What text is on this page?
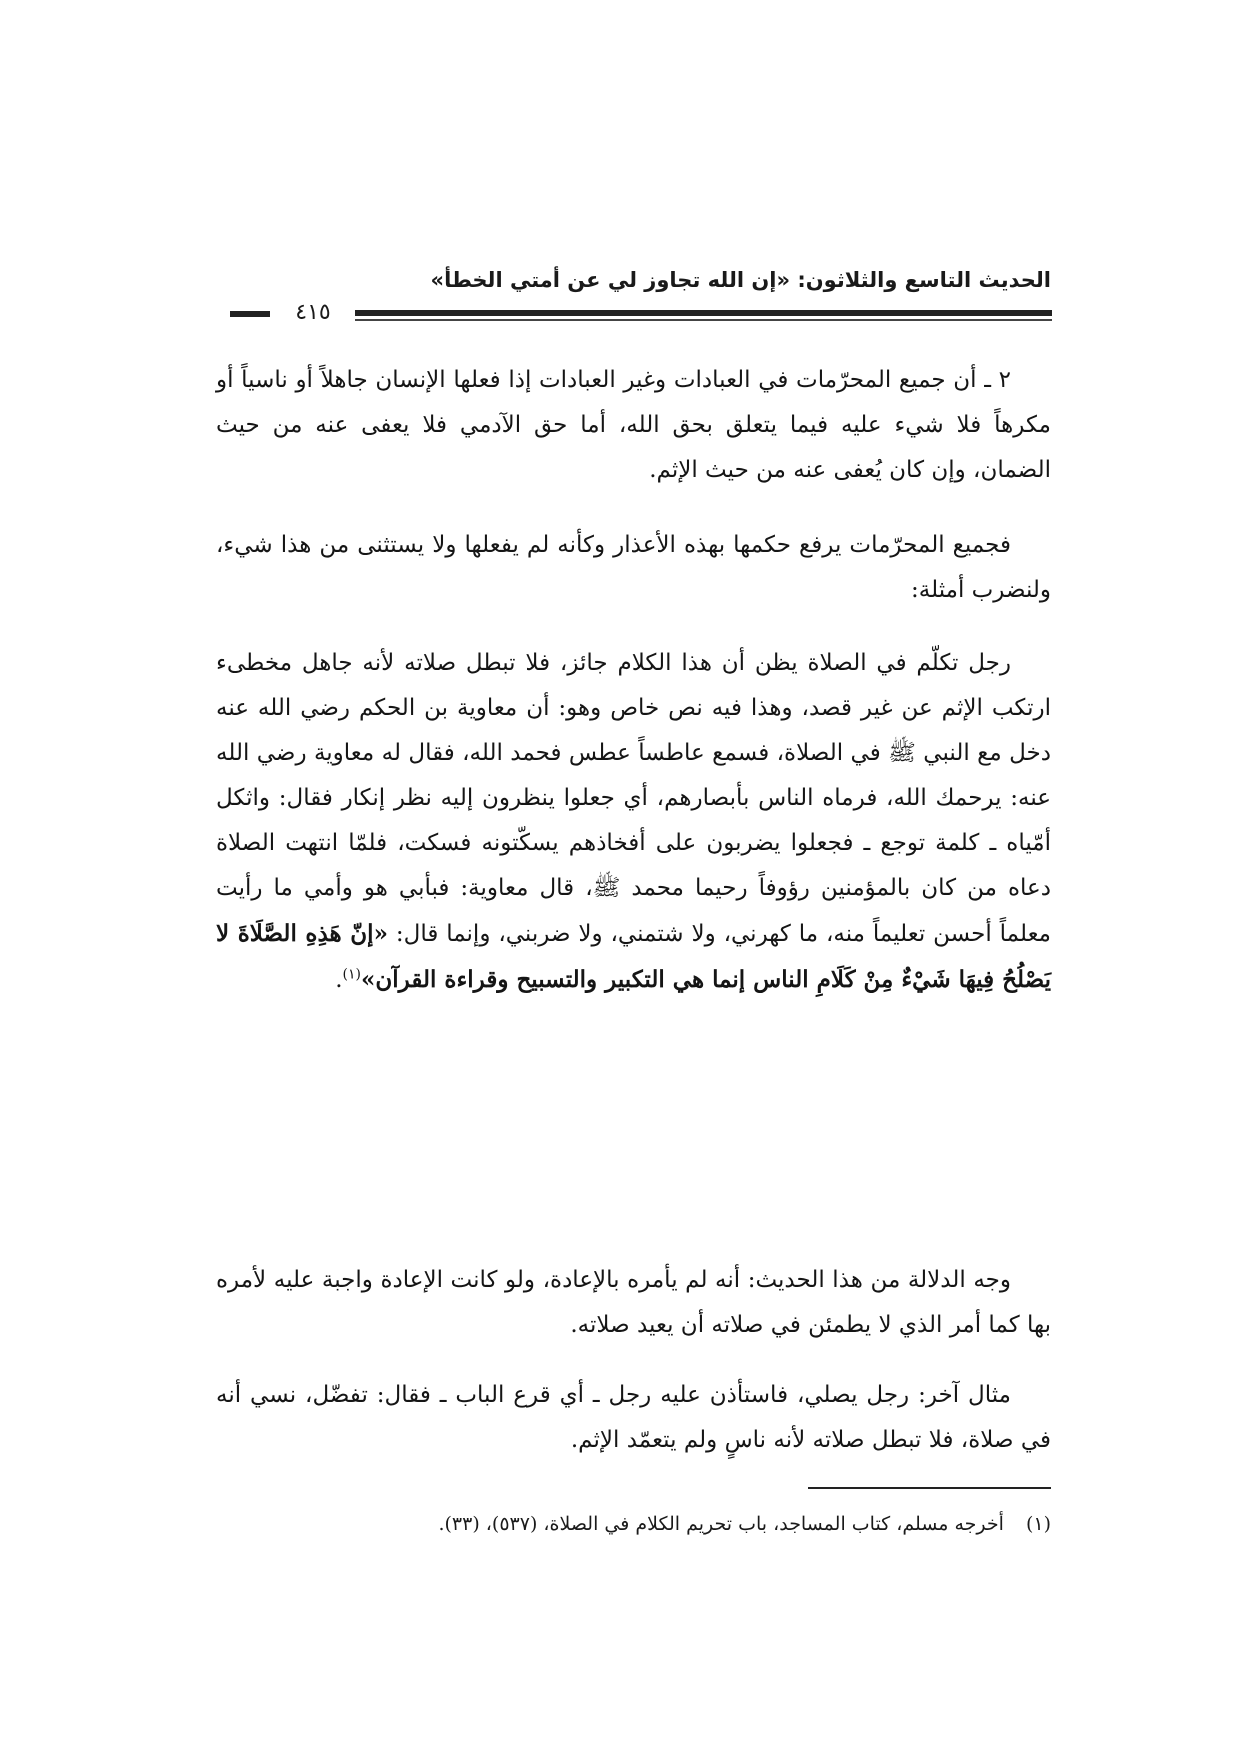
الحديث التاسع والثلاثون: «إن الله تجاوز لي عن أمتي الخطأ»
٤١٥

٢ ـ أن جميع المحرّمات في العبادات وغير العبادات إذا فعلها الإنسان جاهلاً أو ناسياً أو مكرهاً فلا شيء عليه فيما يتعلق بحق الله، أما حق الآدمي فلا يعفى عنه من حيث الضمان، وإن كان يُعفى عنه من حيث الإثم.

فجميع المحرّمات يرفع حكمها بهذه الأعذار وكأنه لم يفعلها ولا يستثنى من هذا شيء، ولنضرب أمثلة:

رجل تكلّم في الصلاة يظن أن هذا الكلام جائز، فلا تبطل صلاته لأنه جاهل مخطىء ارتكب الإثم عن غير قصد، وهذا فيه نص خاص وهو: أن معاوية بن الحكم رضي الله عنه دخل مع النبي ﷺ في الصلاة، فسمع عاطساً عطس فحمد الله، فقال له معاوية رضي الله عنه: يرحمك الله، فرماه الناس بأبصارهم، أي جعلوا ينظرون إليه نظر إنكار فقال: واثكل أمّياه ـ كلمة توجع ـ فجعلوا يضربون على أفخاذهم يسكّتونه فسكت، فلمّا انتهت الصلاة دعاه من كان بالمؤمنين رؤوفاً رحيما محمد ﷺ، قال معاوية: فبأبي هو وأمي ما رأيت معلماً أحسن تعليماً منه، ما كهرني، ولا شتمني، ولا ضربني، وإنما قال: «إنّ هَذِهِ الصَّلَاةَ لا يَصْلُحُ فِيهَا شَيْءٌ مِنْ كَلَامِ الناس إنما هي التكبير والتسبيح وقراءة القرآن»$^{(١)}$.

وجه الدلالة من هذا الحديث: أنه لم يأمره بالإعادة، ولو كانت الإعادة واجبة عليه لأمره بها كما أمر الذي لا يطمئن في صلاته أن يعيد صلاته.

مثال آخر: رجل يصلي، فاستأذن عليه رجل ـ أي قرع الباب ـ فقال: تفضّل، نسي أنه في صلاة، فلا تبطل صلاته لأنه ناسٍ ولم يتعمّد الإثم.

(١)أخرجه مسلم، كتاب المساجد، باب تحريم الكلام في الصلاة، (٥٣٧)، (٣٣).
